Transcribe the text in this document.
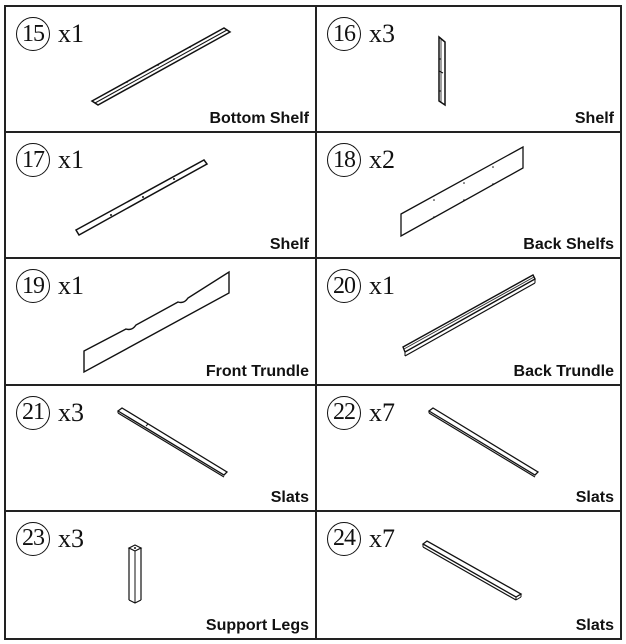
15 x1
Bottom Shelf
16 x3
Shelf
17 x1
Shelf
18 x2
Back Shelfs
19 x1
Front Trundle
20 x1
Back Trundle
21 x3
Slats
22 x7
Slats
23 x3
Support Legs
24 x7
Slats
